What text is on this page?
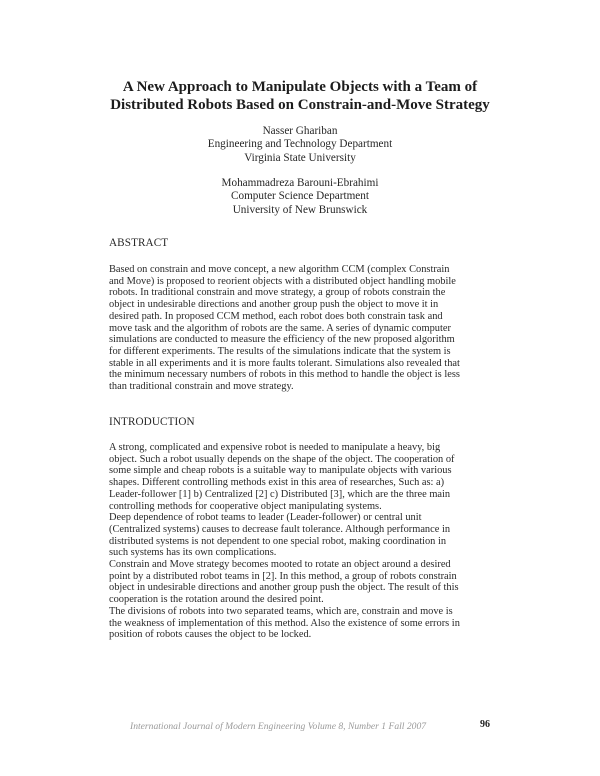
A New Approach to Manipulate Objects with a Team of
Distributed Robots Based on Constrain-and-Move Strategy
Nasser Ghariban
Engineering and Technology Department
Virginia State University
Mohammadreza Barouni-Ebrahimi
Computer Science Department
University of New Brunswick
ABSTRACT
Based on constrain and move concept, a new algorithm CCM (complex Constrain
and Move) is proposed to reorient objects with a distributed object handling mobile
robots. In traditional constrain and move strategy, a group of robots constrain the
object in undesirable directions and another group push the object to move it in
desired path. In proposed CCM method, each robot does both constrain task and
move task and the algorithm of robots are the same. A series of dynamic computer
simulations are conducted to measure the efficiency of the new proposed algorithm
for different experiments. The results of the simulations indicate that the system is
stable in all experiments and it is more faults tolerant. Simulations also revealed that
the minimum necessary numbers of robots in this method to handle the object is less
than traditional constrain and move strategy.
INTRODUCTION
A strong, complicated and expensive robot is needed to manipulate a heavy, big
object. Such a robot usually depends on the shape of the object. The cooperation of
some simple and cheap robots is a suitable way to manipulate objects with various
shapes. Different controlling methods exist in this area of researches, Such as: a)
Leader-follower [1] b) Centralized [2] c) Distributed [3], which are the three main
controlling methods for cooperative object manipulating systems.
Deep dependence of robot teams to leader (Leader-follower) or central unit
(Centralized systems) causes to decrease fault tolerance. Although performance in
distributed systems is not dependent to one special robot, making coordination in
such systems has its own complications.
Constrain and Move strategy becomes mooted to rotate an object around a desired
point by a distributed robot teams in [2]. In this method, a group of robots constrain
object in undesirable directions and another group push the object. The result of this
cooperation is the rotation around the desired point.
The divisions of robots into two separated teams, which are, constrain and move is
the weakness of implementation of this method. Also the existence of some errors in
position of robots causes the object to be locked.
International Journal of Modern Engineering Volume 8, Number 1 Fall 2007	96
